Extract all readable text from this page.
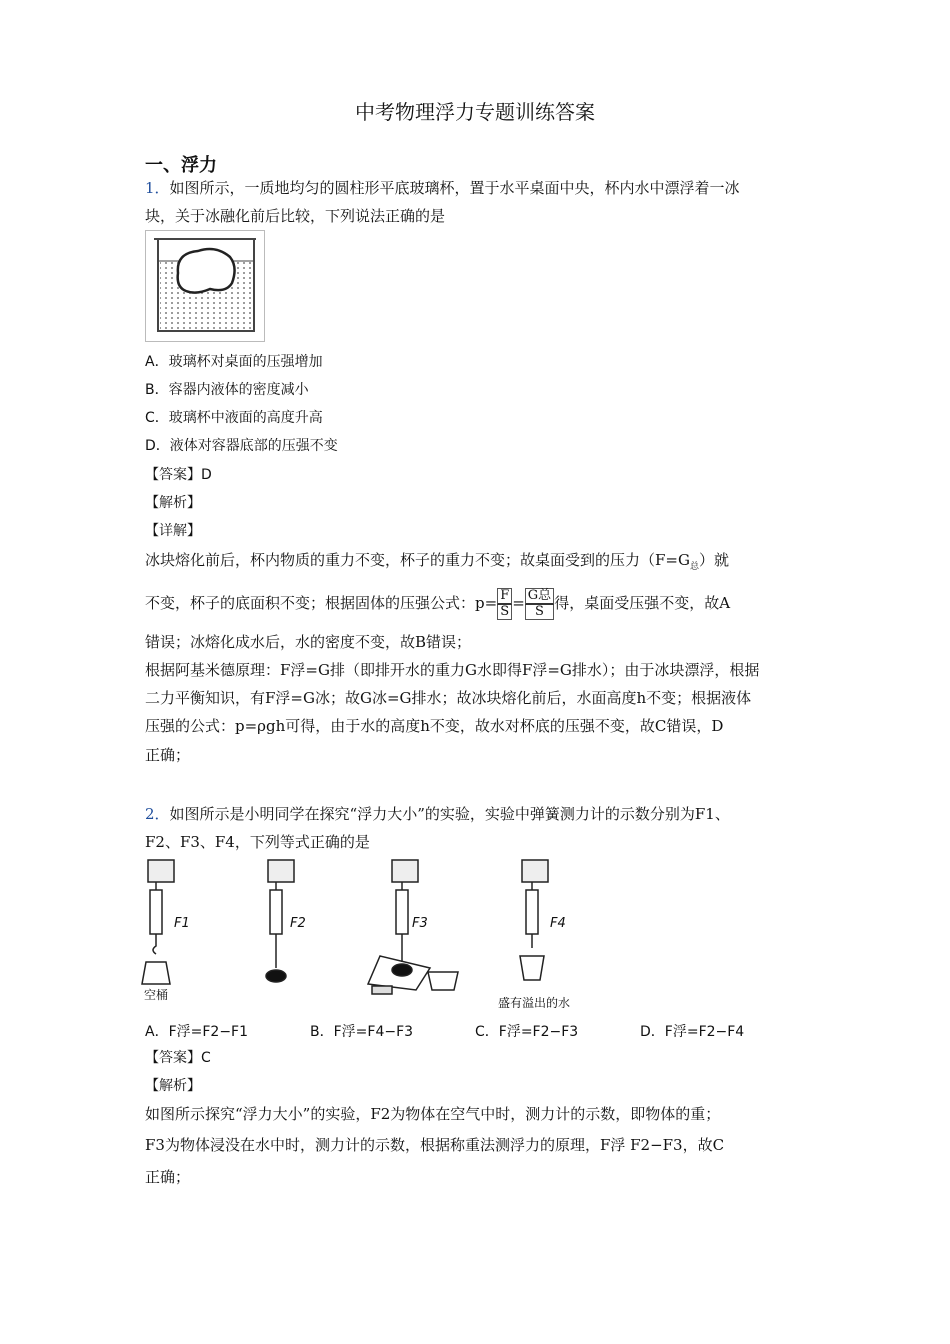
中考物理浮力专题训练答案
一、浮力
1．如图所示，一质地均匀的圆柱形平底玻璃杯，置于水平桌面中央，杯内水中漂浮着一冰
块，关于冰融化前后比较，下列说法正确的是
A．玻璃杯对桌面的压强增加
B．容器内液体的密度减小
C．玻璃杯中液面的高度升高
D．液体对容器底部的压强不变
【答案】D
【解析】
【详解】
冰块熔化前后，杯内物质的重力不变，杯子的重力不变；故桌面受到的压力$(F=G_总)$就
不变，杯子的底面积不变；根据固体的压强公式：$p= \frac{F}{S} = \frac{\text{G总}}{S}$ 得，桌面受压强不变，故A
错误；冰熔化成水后，水的密度不变，故B错误；
根据阿基米德原理：F浮=G排（即排开水的重力G水即得F浮=G排水）；由于冰块漂浮，根据
二力平衡知识，有F浮=G冰；故G冰=G排水；故冰块熔化前后，水面高度h不变；根据液体
压强的公式：p=ρgh可得，由于水的高度h不变，故水对杯底的压强不变，故C错误，D
正确；
2．如图所示是小明同学在探究“浮力大小”的实验，实验中弹簧测力计的示数分别为F1、
F2、F3、F4，下列等式正确的是
F1	F2	F3	F4
空桶
盛有溢出的水
A．F浮=F2−F1	B．F浮=F4−F3	C．F浮=F2−F3	D．F浮=F2−F4
【答案】C
【解析】
如图所示探究“浮力大小”的实验，F2为物体在空气中时，测力计的示数，即物体的重；
F3为物体浸没在水中时，测力计的示数，根据称重法测浮力的原理，F浮 F2−F3，故C
正确；
